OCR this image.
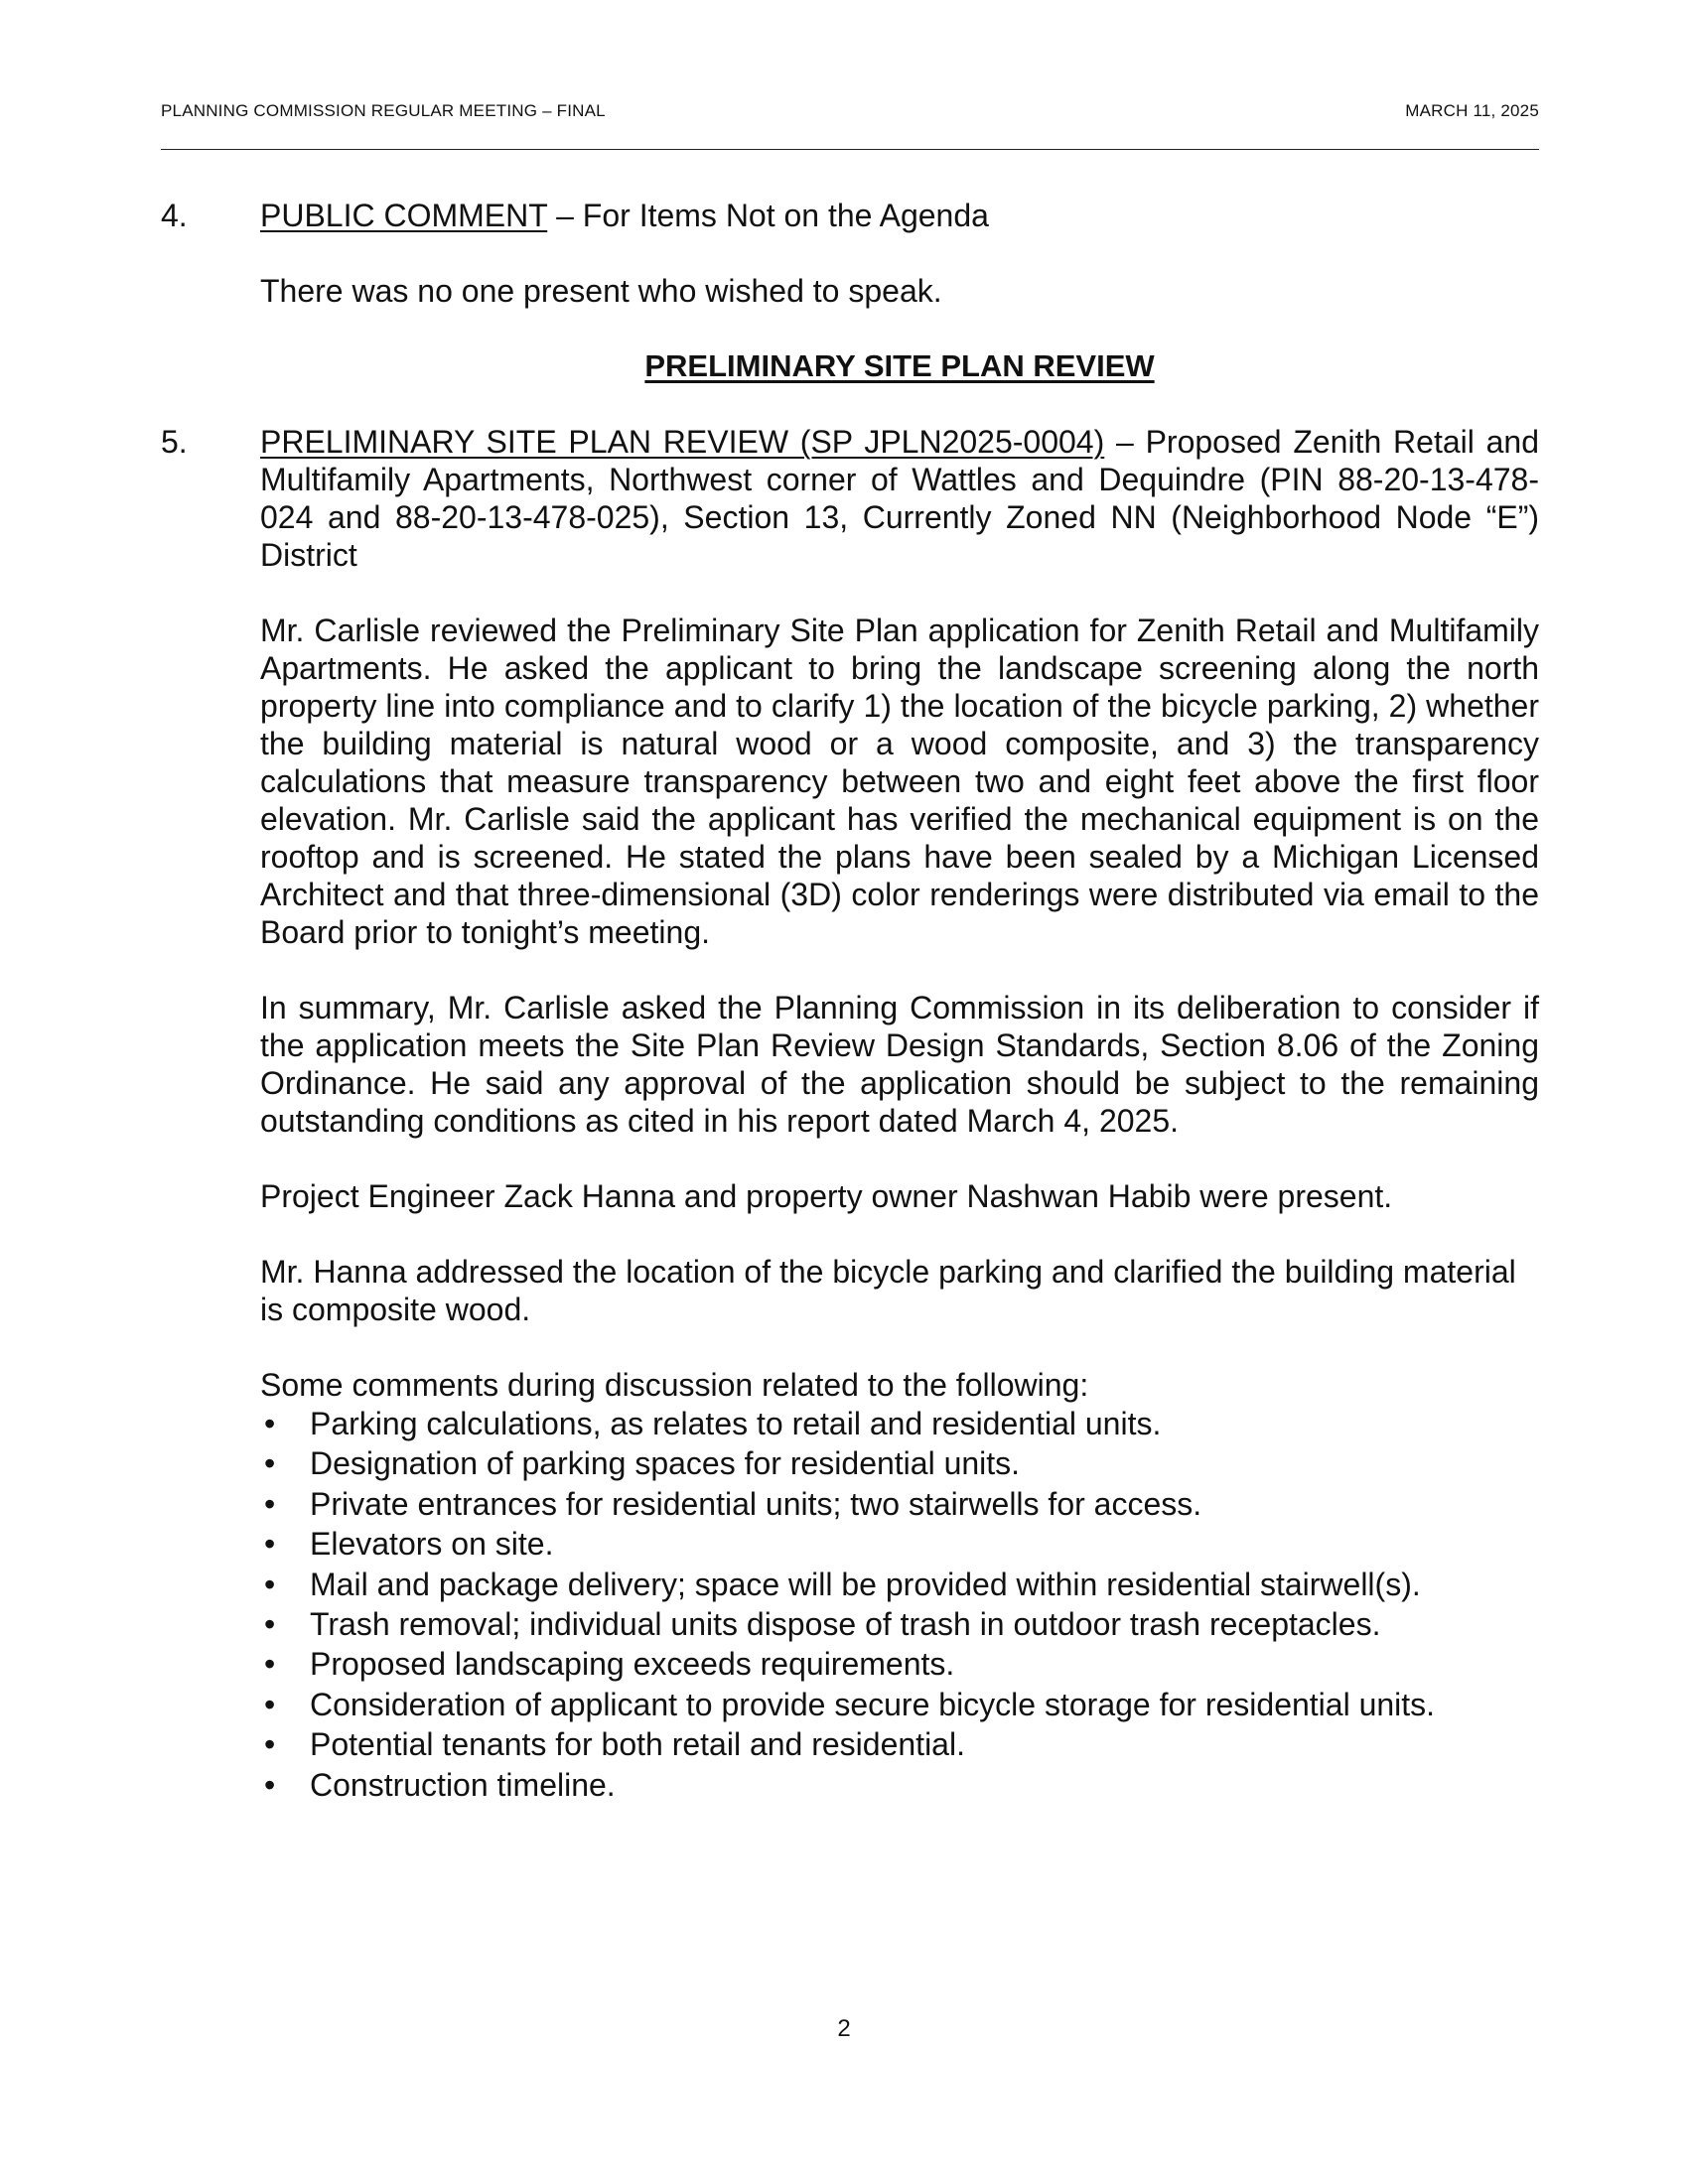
PLANNING COMMISSION REGULAR MEETING – FINAL	MARCH 11, 2025
4. PUBLIC COMMENT – For Items Not on the Agenda
There was no one present who wished to speak.
PRELIMINARY SITE PLAN REVIEW
5. PRELIMINARY SITE PLAN REVIEW (SP JPLN2025-0004) – Proposed Zenith Retail and Multifamily Apartments, Northwest corner of Wattles and Dequindre (PIN 88-20-13-478-024 and 88-20-13-478-025), Section 13, Currently Zoned NN (Neighborhood Node “E”) District
Mr. Carlisle reviewed the Preliminary Site Plan application for Zenith Retail and Multifamily Apartments. He asked the applicant to bring the landscape screening along the north property line into compliance and to clarify 1) the location of the bicycle parking, 2) whether the building material is natural wood or a wood composite, and 3) the transparency calculations that measure transparency between two and eight feet above the first floor elevation. Mr. Carlisle said the applicant has verified the mechanical equipment is on the rooftop and is screened. He stated the plans have been sealed by a Michigan Licensed Architect and that three-dimensional (3D) color renderings were distributed via email to the Board prior to tonight’s meeting.
In summary, Mr. Carlisle asked the Planning Commission in its deliberation to consider if the application meets the Site Plan Review Design Standards, Section 8.06 of the Zoning Ordinance. He said any approval of the application should be subject to the remaining outstanding conditions as cited in his report dated March 4, 2025.
Project Engineer Zack Hanna and property owner Nashwan Habib were present.
Mr. Hanna addressed the location of the bicycle parking and clarified the building material is composite wood.
Some comments during discussion related to the following:
• Parking calculations, as relates to retail and residential units.
• Designation of parking spaces for residential units.
• Private entrances for residential units; two stairwells for access.
• Elevators on site.
• Mail and package delivery; space will be provided within residential stairwell(s).
• Trash removal; individual units dispose of trash in outdoor trash receptacles.
• Proposed landscaping exceeds requirements.
• Consideration of applicant to provide secure bicycle storage for residential units.
• Potential tenants for both retail and residential.
• Construction timeline.
2
